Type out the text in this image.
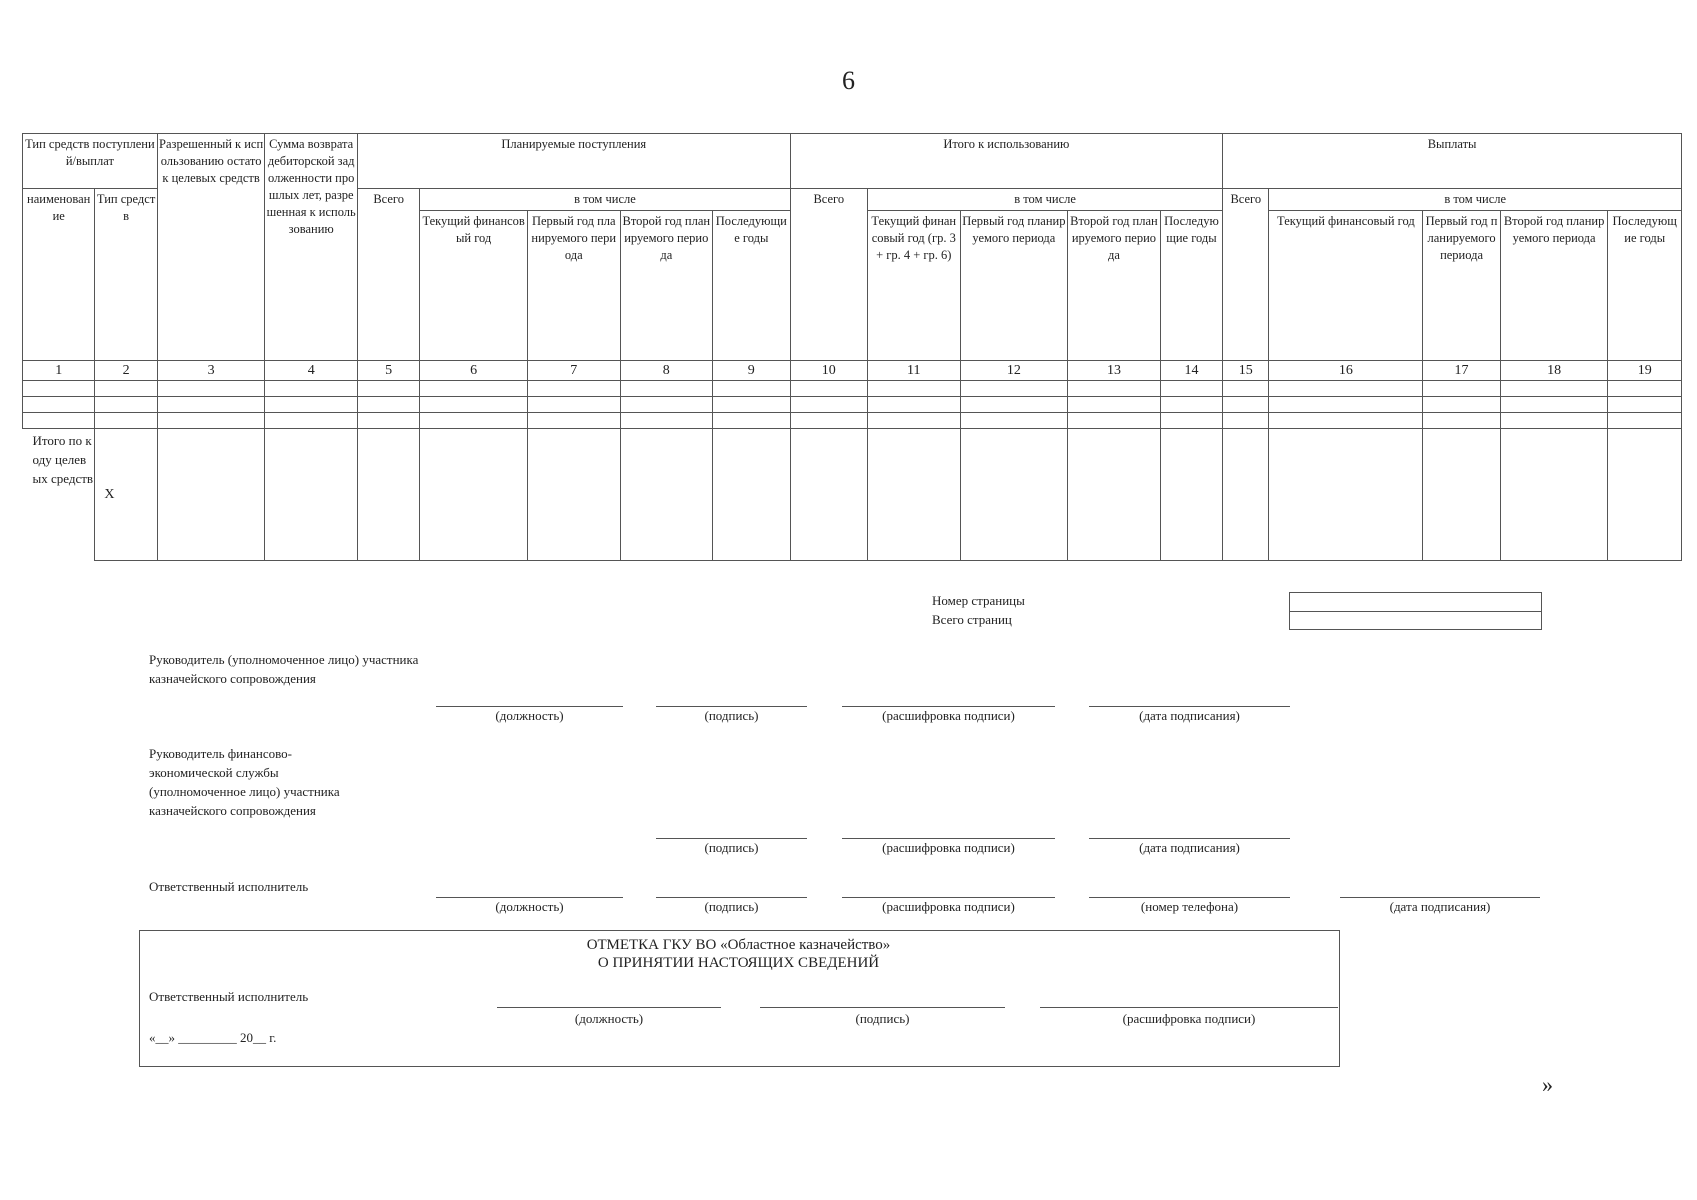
6
Тип средств поступлений/выплат		Разрешенный к использованию остаток целевых средств	Сумма возврата дебиторской задолженности прошлых лет, разрешенная к использованию	Планируемые поступления					Итого к использованию					Выплаты				
наименование	Тип средств			Всего	в том числе				Всего	в том числе				Всего	в том числе			
					Текущий финансовый год	Первый год планируемого периода	Второй год планируемого периода	Последующие годы		Текущий финансовый год (гр. 3 + гр. 4 + гр. 6)	Первый год планируемого периода	Второй год планируемого периода	Последующие годы		Текущий финансовый год	Первый год планируемого периода	Второй год планируемого периода	Последующие годы
1	2	3	4	5	6	7	8	9	10	11	12	13	14	15	16	17	18	19

Итого по коду целевых средств	X																	
Номер страницы
Всего страниц
Руководитель (уполномоченное лицо) участника казначейского сопровождения
(должность)	(подпись)	(расшифровка подписи)	(дата подписания)
Руководитель финансово-экономической службы (уполномоченное лицо) участника казначейского сопровождения
(подпись)	(расшифровка подписи)	(дата подписания)
Ответственный исполнитель
(должность)	(подпись)	(расшифровка подписи)	(номер телефона)	(дата подписания)
ОТМЕТКА ГКУ ВО «Областное казначейство»
О ПРИНЯТИИ НАСТОЯЩИХ СВЕДЕНИЙ
Ответственный исполнитель
(должность)	(подпись)	(расшифровка подписи)
«__» _________ 20__ г.
»
